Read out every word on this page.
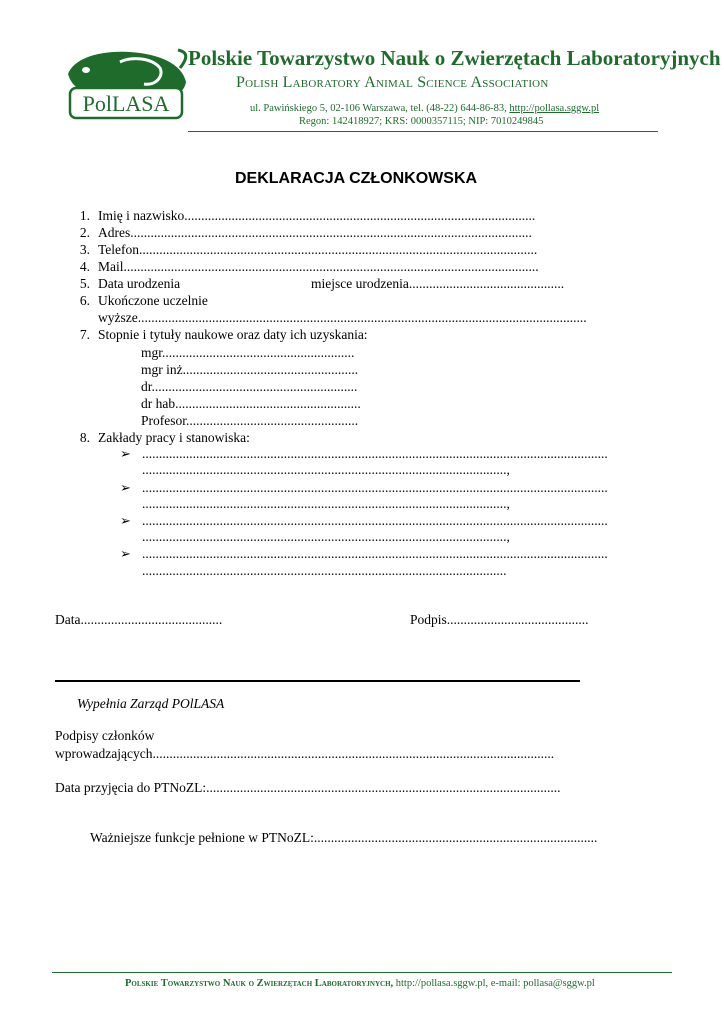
PolLASA
Polskie Towarzystwo Nauk o Zwierzętach Laboratoryjnych
Polish Laboratory Animal Science Association
ul. Pawińskiego 5, 02-106 Warszawa, tel. (48-22) 644-86-83, http://pollasa.sggw.pl
Regon: 142418927; KRS: 0000357115; NIP: 7010249845
DEKLARACJA CZŁONKOWSKA
1. Imię i nazwisko........................................................................................................
2. Adres.......................................................................................................................
3. Telefon......................................................................................................................
4. Mail...........................................................................................................................
5. Data urodzenia	miejsce urodzenia..............................................
6. Ukończone uczelnie
wyższe.....................................................................................................................................
7. Stopnie i tytuły naukowe oraz daty ich uzyskania:
mgr.........................................................
mgr inż....................................................
dr.............................................................
dr hab.......................................................
Profesor...................................................
8. Zakłady pracy i stanowiska:
➢ ..........................................................................................................................................
............................................................................................................,
➢ ..........................................................................................................................................
............................................................................................................,
➢ ..........................................................................................................................................
............................................................................................................,
➢ ..........................................................................................................................................
............................................................................................................
Data..........................................	Podpis..........................................
Wypełnia Zarząd POlLASA
Podpisy członków
wprowadzających.......................................................................................................................
Data przyjęcia do PTNoZL:.........................................................................................................
Ważniejsze funkcje pełnione w PTNoZL:....................................................................................
Polskie Towarzystwo Nauk o Zwierzętach Laboratoryjnych, http://pollasa.sggw.pl, e-mail: pollasa@sggw.pl
